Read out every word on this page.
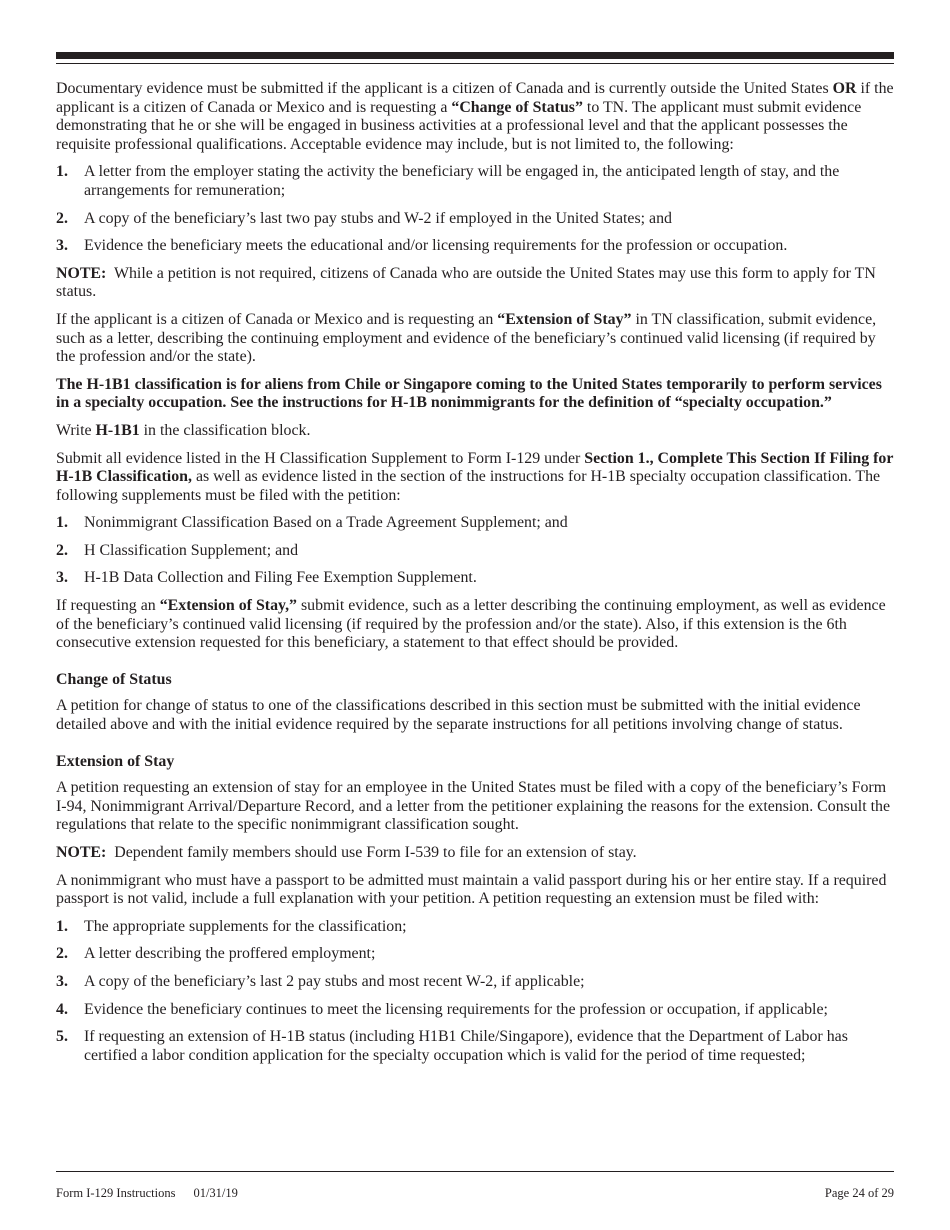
Documentary evidence must be submitted if the applicant is a citizen of Canada and is currently outside the United States OR if the applicant is a citizen of Canada or Mexico and is requesting a “Change of Status” to TN. The applicant must submit evidence demonstrating that he or she will be engaged in business activities at a professional level and that the applicant possesses the requisite professional qualifications. Acceptable evidence may include, but is not limited to, the following:

1.	A letter from the employer stating the activity the beneficiary will be engaged in, the anticipated length of stay, and the arrangements for remuneration;
2.	A copy of the beneficiary’s last two pay stubs and W-2 if employed in the United States; and
3.	Evidence the beneficiary meets the educational and/or licensing requirements for the profession or occupation.

NOTE:  While a petition is not required, citizens of Canada who are outside the United States may use this form to apply for TN status.

If the applicant is a citizen of Canada or Mexico and is requesting an “Extension of Stay” in TN classification, submit evidence, such as a letter, describing the continuing employment and evidence of the beneficiary’s continued valid licensing (if required by the profession and/or the state).

The H-1B1 classification is for aliens from Chile or Singapore coming to the United States temporarily to perform services in a specialty occupation. See the instructions for H-1B nonimmigrants for the definition of “specialty occupation.”

Write H-1B1 in the classification block.

Submit all evidence listed in the H Classification Supplement to Form I-129 under Section 1., Complete This Section If Filing for H-1B Classification, as well as evidence listed in the section of the instructions for H-1B specialty occupation classification. The following supplements must be filed with the petition:

1.	Nonimmigrant Classification Based on a Trade Agreement Supplement; and
2.	H Classification Supplement; and
3.	H-1B Data Collection and Filing Fee Exemption Supplement.

If requesting an “Extension of Stay,” submit evidence, such as a letter describing the continuing employment, as well as evidence of the beneficiary’s continued valid licensing (if required by the profession and/or the state). Also, if this extension is the 6th consecutive extension requested for this beneficiary, a statement to that effect should be provided.

Change of Status

A petition for change of status to one of the classifications described in this section must be submitted with the initial evidence detailed above and with the initial evidence required by the separate instructions for all petitions involving change of status.

Extension of Stay

A petition requesting an extension of stay for an employee in the United States must be filed with a copy of the beneficiary’s Form I-94, Nonimmigrant Arrival/Departure Record, and a letter from the petitioner explaining the reasons for the extension. Consult the regulations that relate to the specific nonimmigrant classification sought.

NOTE:  Dependent family members should use Form I-539 to file for an extension of stay.

A nonimmigrant who must have a passport to be admitted must maintain a valid passport during his or her entire stay. If a required passport is not valid, include a full explanation with your petition. A petition requesting an extension must be filed with:

1.	The appropriate supplements for the classification;
2.	A letter describing the proffered employment;
3.	A copy of the beneficiary’s last 2 pay stubs and most recent W-2, if applicable;
4.	Evidence the beneficiary continues to meet the licensing requirements for the profession or occupation, if applicable;
5.	If requesting an extension of H-1B status (including H1B1 Chile/Singapore), evidence that the Department of Labor has certified a labor condition application for the specialty occupation which is valid for the period of time requested;
Form I-129 Instructions 01/31/19	Page 24 of 29
